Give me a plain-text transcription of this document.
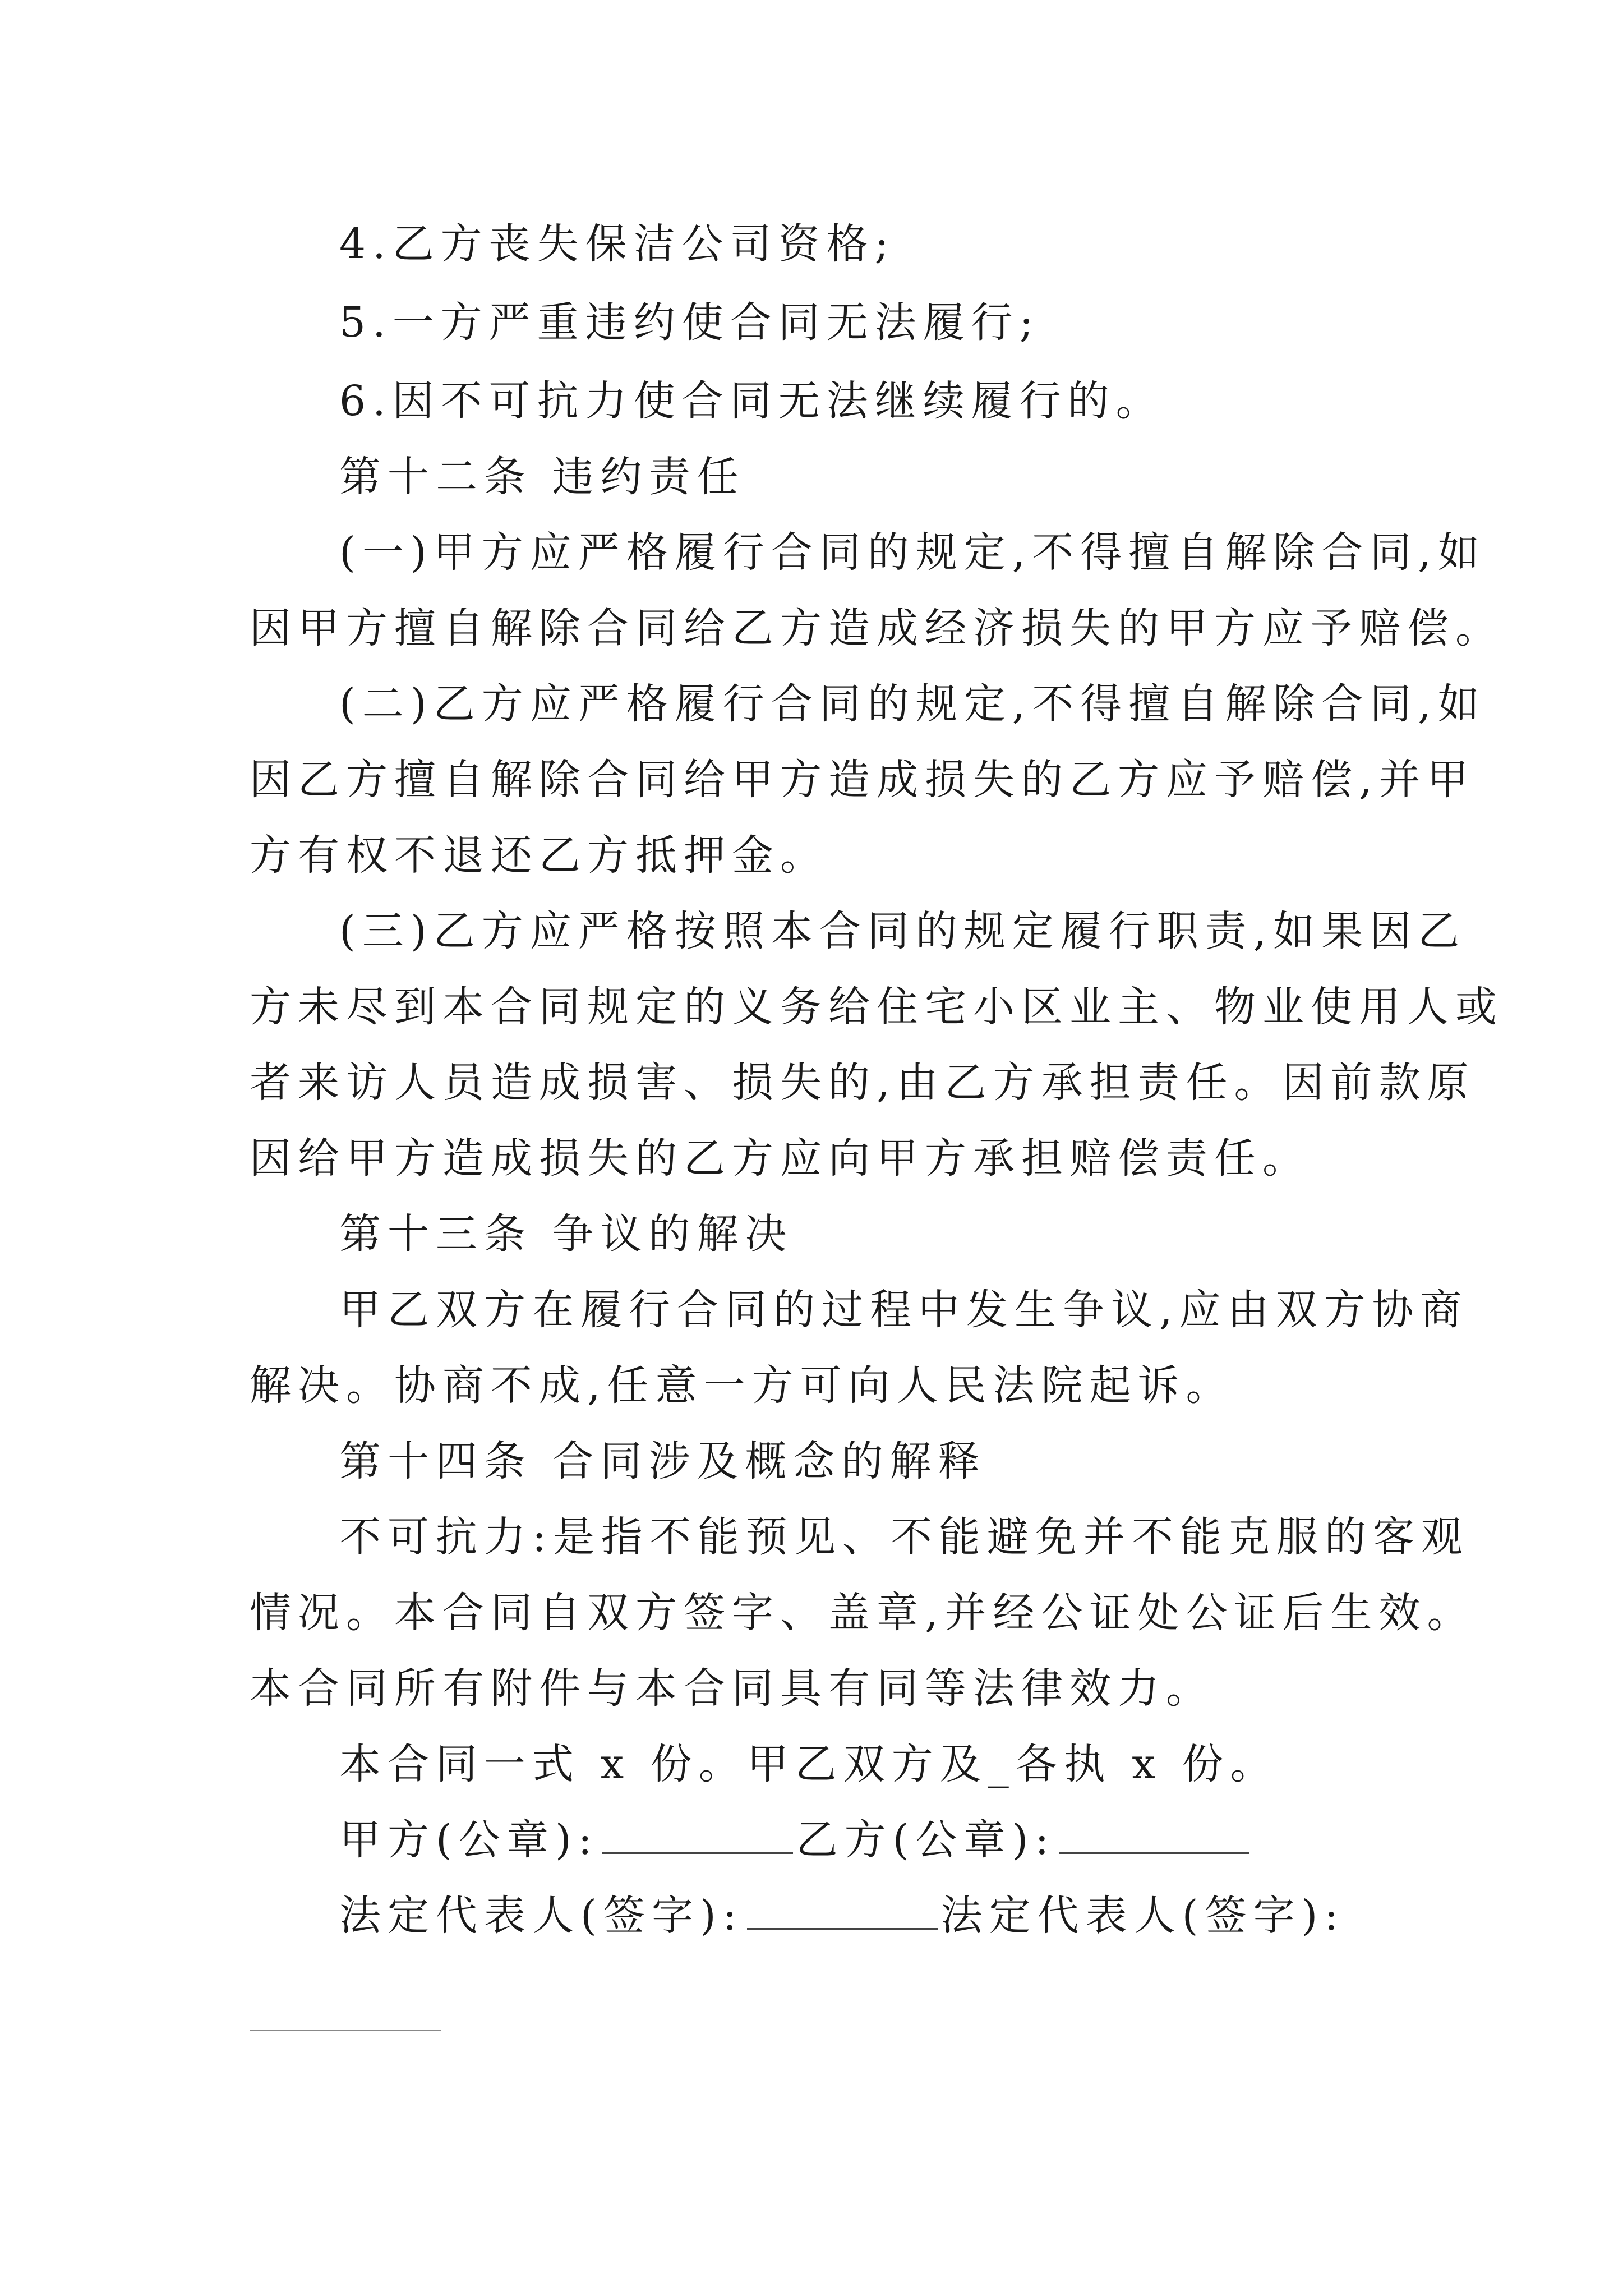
4.乙方丧失保洁公司资格;
5.一方严重违约使合同无法履行;
6.因不可抗力使合同无法继续履行的。
第十二条 违约责任
(一)甲方应严格履行合同的规定,不得擅自解除合同,如
因甲方擅自解除合同给乙方造成经济损失的甲方应予赔偿。
(二)乙方应严格履行合同的规定,不得擅自解除合同,如
因乙方擅自解除合同给甲方造成损失的乙方应予赔偿,并甲
方有权不退还乙方抵押金。
(三)乙方应严格按照本合同的规定履行职责,如果因乙
方未尽到本合同规定的义务给住宅小区业主、物业使用人或
者来访人员造成损害、损失的,由乙方承担责任。因前款原
因给甲方造成损失的乙方应向甲方承担赔偿责任。
第十三条 争议的解决
甲乙双方在履行合同的过程中发生争议,应由双方协商
解决。协商不成,任意一方可向人民法院起诉。
第十四条 合同涉及概念的解释
不可抗力:是指不能预见、不能避免并不能克服的客观
情况。本合同自双方签字、盖章,并经公证处公证后生效。
本合同所有附件与本合同具有同等法律效力。
本合同一式 x 份。甲乙双方及_各执 x 份。
甲方(公章):	乙方(公章):
法定代表人(签字):	法定代表人(签字):
